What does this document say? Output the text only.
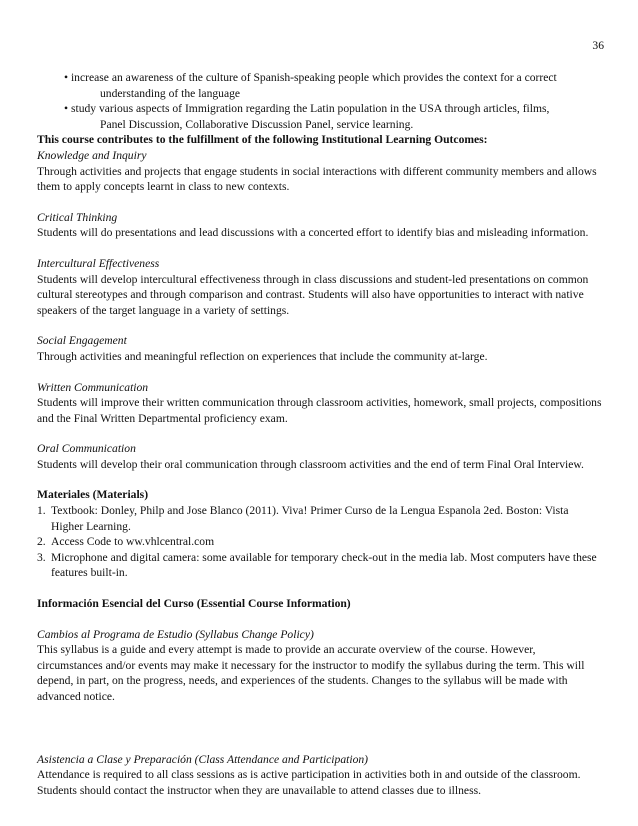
36
• increase an awareness of the culture of Spanish-speaking people which provides the context for a correct
understanding of the language
• study various aspects of Immigration regarding the Latin population in the USA through articles, films,
Panel Discussion, Collaborative Discussion Panel, service learning.

This course contributes to the fulfillment of the following Institutional Learning Outcomes:

Knowledge and Inquiry

Through activities and projects that engage students in social interactions with different community members and allows them to apply concepts learnt in class to new contexts.

Critical Thinking

Students will do presentations and lead discussions with a concerted effort to identify bias and misleading information.

Intercultural Effectiveness

Students will develop intercultural effectiveness through in class discussions and student-led presentations on common cultural stereotypes and through comparison and contrast. Students will also have opportunities to interact with native speakers of the target language in a variety of settings.

Social Engagement

Through activities and meaningful reflection on experiences that include the community at-large.

Written Communication

Students will improve their written communication through classroom activities, homework, small projects, compositions and the Final Written Departmental proficiency exam.

Oral Communication

Students will develop their oral communication through classroom activities and the end of term Final Oral Interview.

Materiales (Materials)

1. Textbook: Donley, Philp and Jose Blanco (2011). Viva! Primer Curso de la Lengua Espanola 2ed. Boston: Vista Higher Learning.
2. Access Code to ww.vhlcentral.com
3. Microphone and digital camera: some available for temporary check-out in the media lab. Most computers have these features built-in.

Información Esencial del Curso (Essential Course Information)

Cambios al Programa de Estudio (Syllabus Change Policy)

This syllabus is a guide and every attempt is made to provide an accurate overview of the course. However, circumstances and/or events may make it necessary for the instructor to modify the syllabus during the term. This will depend, in part, on the progress, needs, and experiences of the students. Changes to the syllabus will be made with advanced notice.

Asistencia a Clase y Preparación (Class Attendance and Participation)

Attendance is required to all class sessions as is active participation in activities both in and outside of the classroom. Students should contact the instructor when they are unavailable to attend classes due to illness.
